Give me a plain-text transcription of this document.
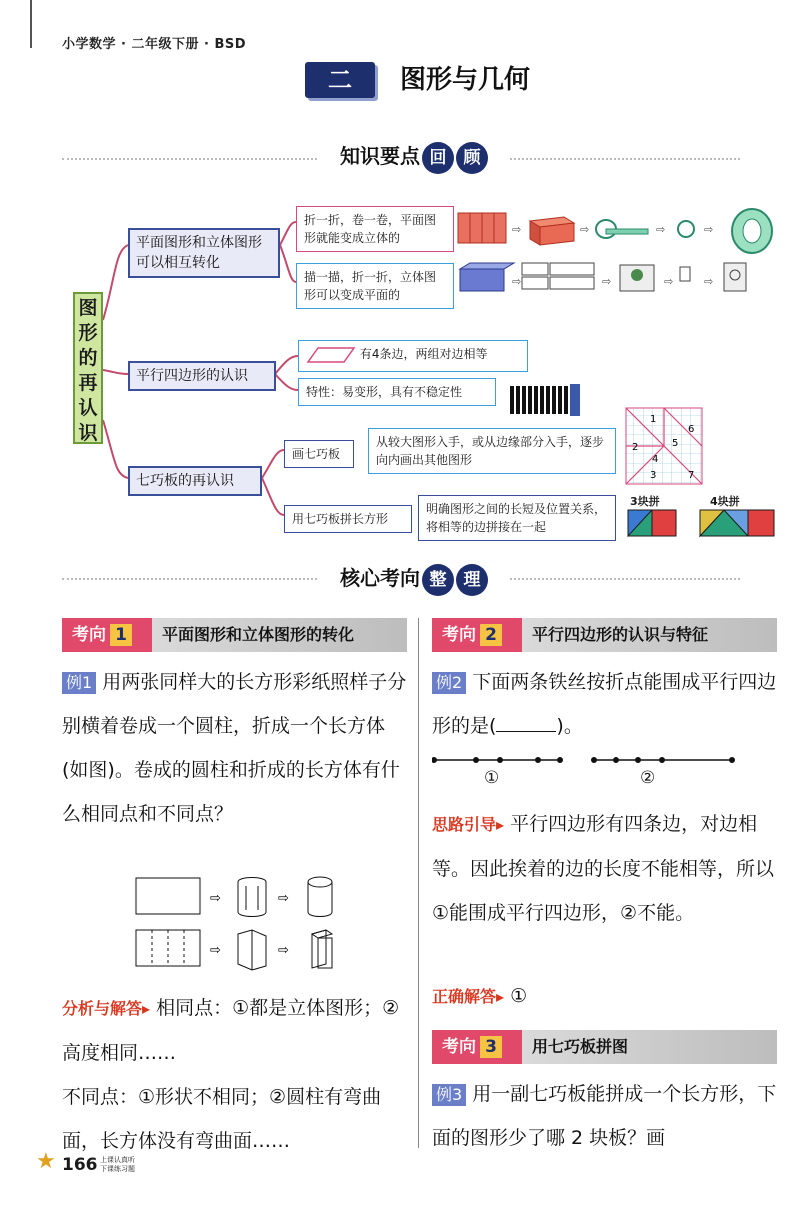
小学数学 · 二年级下册 · BSD
二	图形与几何
知识要点 回 顾
图形的再认识
平面图形和立体图形可以相互转化
平行四边形的认识
七巧板的再认识
折一折，卷一卷，平面图形就能变成立体的
描一描，折一折，立体图形可以变成平面的
⇨	⇨	⇨	⇨
⇨	⇨	⇨	⇨
有4条边，两组对边相等
特性：易变形，具有不稳定性
画七巧板
用七巧板拼长方形
从较大图形入手，或从边缘部分入手，逐步向内画出其他图形
明确图形之间的长短及位置关系，将相等的边拼接在一起
1
2
3
4
5
6
7
3块拼	4块拼
核心考向 整 理
考向 1	平面图形和立体图形的转化
例1 用两张同样大的长方形彩纸照样子分别横着卷成一个圆柱，折成一个长方体(如图)。卷成的圆柱和折成的长方体有什么相同点和不同点？
⇨	⇨
⇨	⇨
分析与解答▸ 相同点：①都是立体图形；②高度相同……
不同点：①形状不相同；②圆柱有弯曲面，长方体没有弯曲面……
考向 2	平行四边形的认识与特征
例2 下面两条铁丝按折点能围成平行四边形的是(	)。
①	②
思路引导▸ 平行四边形有四条边，对边相等。因此挨着的边的长度不能相等，所以①能围成平行四边形，②不能。
正确解答▸ ①
考向 3	用七巧板拼图
例3 用一副七巧板能拼成一个长方形，下面的图形少了哪 2 块板？画
★ 166 上课认真听
下课练习题
